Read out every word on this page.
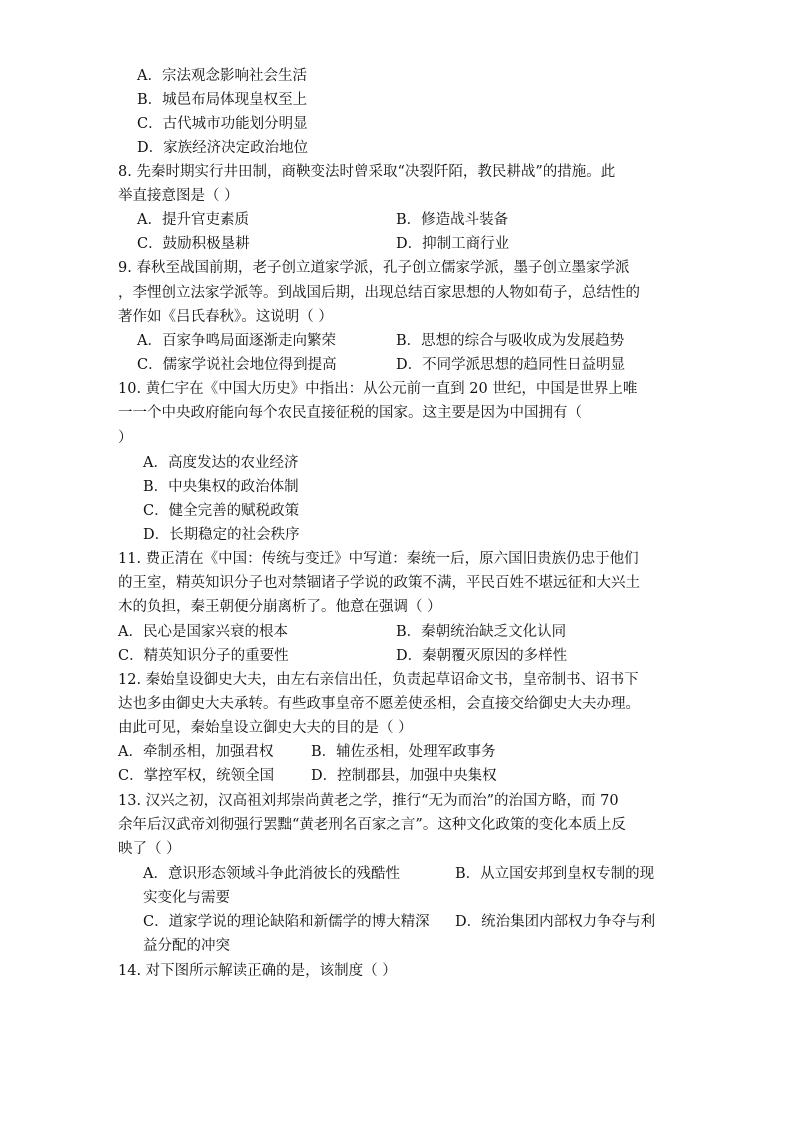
A．宗法观念影响社会生活
B．城邑布局体现皇权至上
C．古代城市功能划分明显
D．家族经济决定政治地位
8. 先秦时期实行井田制，商鞅变法时曾采取“决裂阡陌，教民耕战”的措施。此
举直接意图是（ ）
A．提升官吏素质	B．修造战斗装备
C．鼓励积极垦耕	D．抑制工商行业
9. 春秋至战国前期，老子创立道家学派，孔子创立儒家学派，墨子创立墨家学派
，李悝创立法家学派等。到战国后期，出现总结百家思想的人物如荀子，总结性的
著作如《吕氏春秋》。这说明（ ）
A．百家争鸣局面逐渐走向繁荣	B．思想的综合与吸收成为发展趋势
C．儒家学说社会地位得到提高	D．不同学派思想的趋同性日益明显
10. 黄仁宇在《中国大历史》中指出：从公元前一直到 20 世纪，中国是世界上唯
一一个中央政府能向每个农民直接征税的国家。这主要是因为中国拥有（
）
A．高度发达的农业经济
B．中央集权的政治体制
C．健全完善的赋税政策
D．长期稳定的社会秩序
11. 费正清在《中国：传统与变迁》中写道：秦统一后，原六国旧贵族仍忠于他们
的王室，精英知识分子也对禁锢诸子学说的政策不满，平民百姓不堪远征和大兴土
木的负担，秦王朝便分崩离析了。他意在强调（ ）
A．民心是国家兴衰的根本	B．秦朝统治缺乏文化认同
C．精英知识分子的重要性	D．秦朝覆灭原因的多样性
12. 秦始皇设御史大夫，由左右亲信出任，负责起草诏命文书，皇帝制书、诏书下
达也多由御史大夫承转。有些政事皇帝不愿差使丞相，会直接交给御史大夫办理。
由此可见，秦始皇设立御史大夫的目的是（ ）
A．牵制丞相，加强君权	B．辅佐丞相，处理军政事务
C．掌控军权，统领全国	D．控制郡县，加强中央集权
13. 汉兴之初，汉高祖刘邦崇尚黄老之学，推行“无为而治”的治国方略，而 70
余年后汉武帝刘彻强行罢黜“黄老刑名百家之言”。这种文化政策的变化本质上反
映了（ ）
A．意识形态领域斗争此消彼长的残酷性	B．从立国安邦到皇权专制的现
实变化与需要
C．道家学说的理论缺陷和新儒学的博大精深 D．统治集团内部权力争夺与利
益分配的冲突
14. 对下图所示解读正确的是，该制度（ ）
